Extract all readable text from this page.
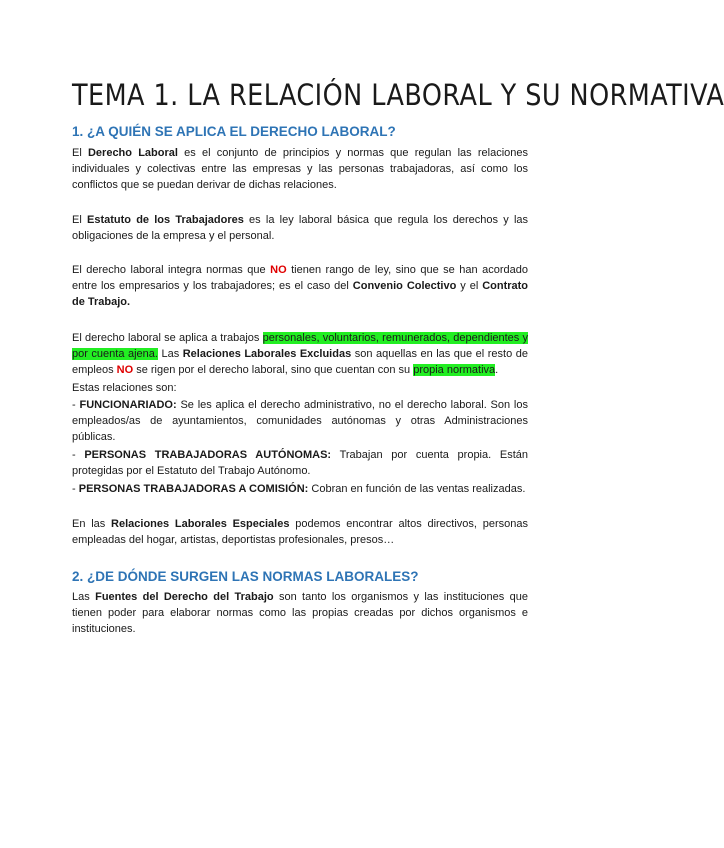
TEMA 1. LA RELACIÓN LABORAL Y SU NORMATIVA
1. ¿A QUIÉN SE APLICA EL DERECHO LABORAL?

El Derecho Laboral es el conjunto de principios y normas que regulan las relaciones individuales y colectivas entre las empresas y las personas trabajadoras, así como los conflictos que se puedan derivar de dichas relaciones.

El Estatuto de los Trabajadores es la ley laboral básica que regula los derechos y las obligaciones de la empresa y el personal.

El derecho laboral integra normas que NO tienen rango de ley, sino que se han acordado entre los empresarios y los trabajadores; es el caso del Convenio Colectivo y el Contrato de Trabajo.

El derecho laboral se aplica a trabajos personales, voluntarios, remunerados, dependientes y por cuenta ajena. Las Relaciones Laborales Excluidas son aquellas en las que el resto de empleos NO se rigen por el derecho laboral, sino que cuentan con su propia normativa.

Estas relaciones son:

- FUNCIONARIADO: Se les aplica el derecho administrativo, no el derecho laboral. Son los empleados/as de ayuntamientos, comunidades autónomas y otras Administraciones públicas.

- PERSONAS TRABAJADORAS AUTÓNOMAS: Trabajan por cuenta propia. Están protegidas por el Estatuto del Trabajo Autónomo.

- PERSONAS TRABAJADORAS A COMISIÓN: Cobran en función de las ventas realizadas.

En las Relaciones Laborales Especiales podemos encontrar altos directivos, personas empleadas del hogar, artistas, deportistas profesionales, presos…

2. ¿DE DÓNDE SURGEN LAS NORMAS LABORALES?

Las Fuentes del Derecho del Trabajo son tanto los organismos y las instituciones que tienen poder para elaborar normas como las propias creadas por dichos organismos e instituciones.
